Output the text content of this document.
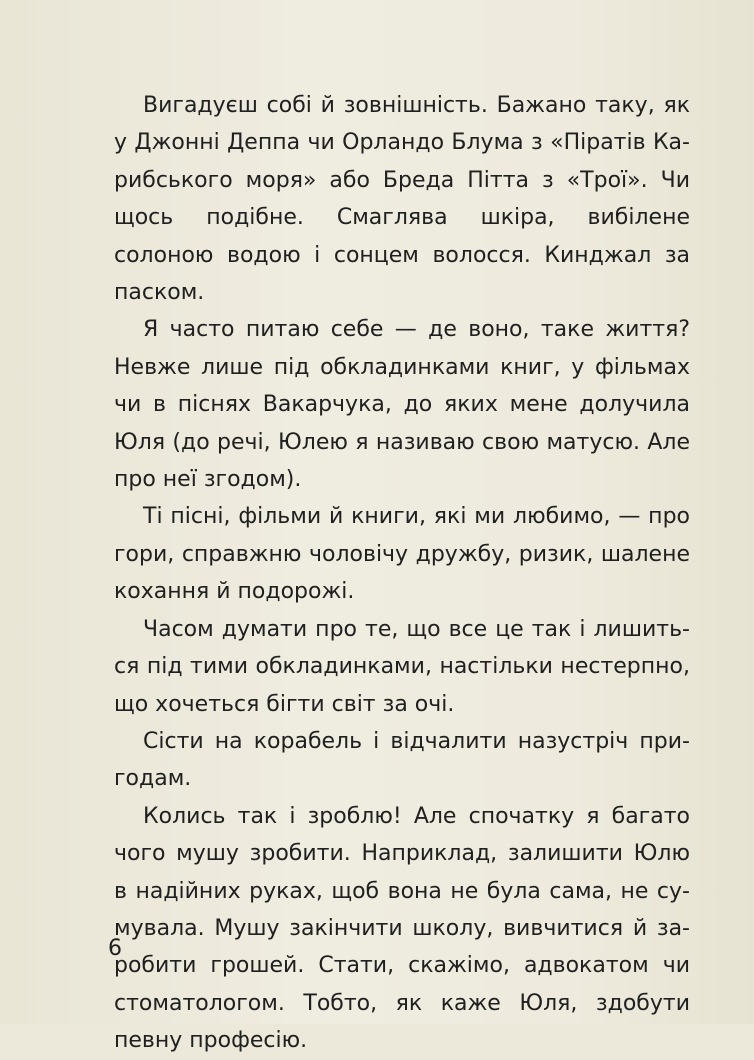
Вигадуєш собі й зовнішність. Бажано таку, як у Джонні Деппа чи Орландо Блума з «Піратів Карибського моря» або Бреда Пітта з «Трої». Чи щось подібне. Смаглява шкіра, вибілене солоною водою і сонцем волосся. Кинджал за паском.

Я часто питаю себе — де воно, таке життя? Невже лише під обкладинками книг, у фільмах чи в піснях Вакарчука, до яких мене долучила Юля (до речі, Юлею я називаю свою матусю. Але про неї згодом).

Ті пісні, фільми й книги, які ми любимо, — про гори, справжню чоловічу дружбу, ризик, шалене кохання й подорожі.

Часом думати про те, що все це так і лишиться під тими обкладинками, настільки нестерпно, що хочеться бігти світ за очі.

Сісти на корабель і відчалити назустріч пригодам.

Колись так і зроблю! Але спочатку я багато чого мушу зробити. Наприклад, залишити Юлю в надійних руках, щоб вона не була сама, не сумувала. Мушу закінчити школу, вивчитися й заробити грошей. Стати, скажімо, адвокатом чи стоматологом. Тобто, як каже Юля, здобути певну професію.

6
